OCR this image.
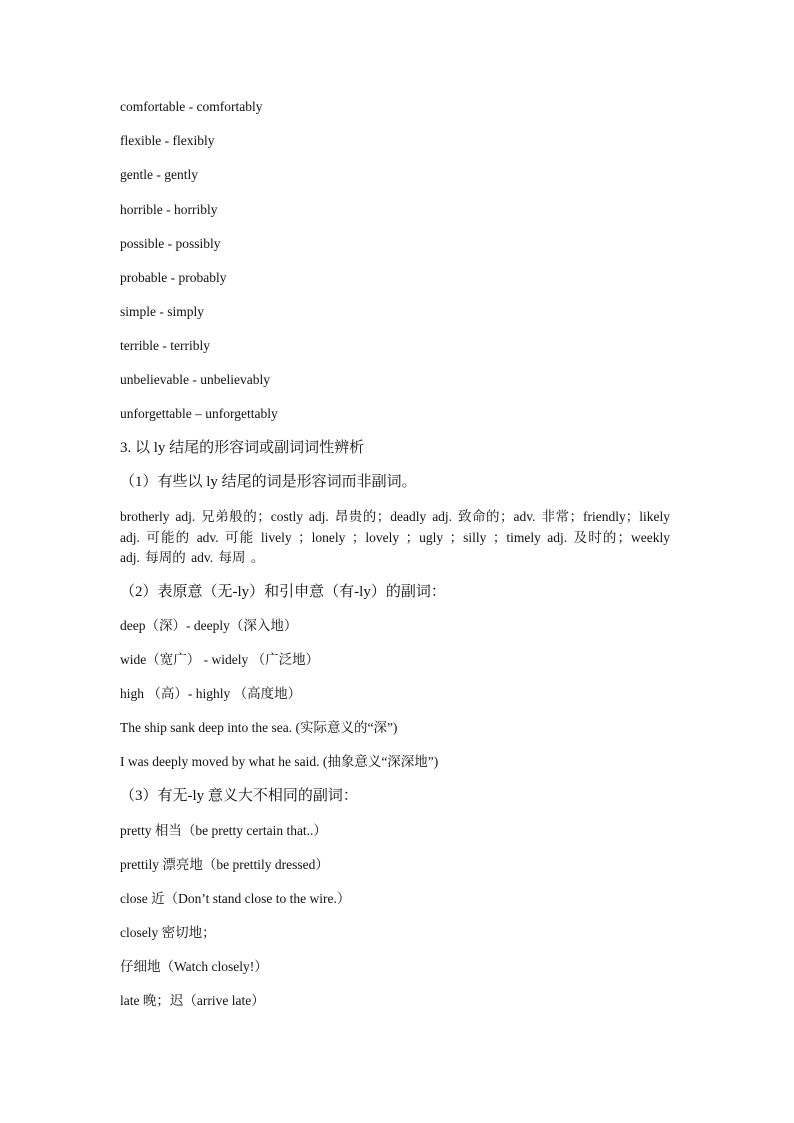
comfortable - comfortably
flexible - flexibly
gentle - gently
horrible - horribly
possible - possibly
probable - probably
simple - simply
terrible - terribly
unbelievable - unbelievably
unforgettable – unforgettably
3. 以 ly 结尾的形容词或副词词性辨析
（1）有些以 ly 结尾的词是形容词而非副词。
brotherly adj. 兄弟般的；costly adj. 昂贵的；deadly adj. 致命的；adv. 非常；friendly；likely adj. 可能的 adv. 可能 lively ；lonely ；lovely ；ugly ；silly ；timely adj. 及时的；weekly adj. 每周的 adv. 每周 。
（2）表原意（无-ly）和引申意（有-ly）的副词：
deep（深）- deeply（深入地）
wide（宽广） - widely （广泛地）
high （高）- highly （高度地）
The ship sank deep into the sea. (实际意义的“深”)
I was deeply moved by what he said. (抽象意义“深深地”)
（3）有无-ly 意义大不相同的副词：
pretty 相当（be pretty certain that..）
prettily 漂亮地（be prettily dressed）
close 近（Don’t stand close to the wire.）
closely 密切地；
仔细地（Watch closely!）
late 晚；迟（arrive late）
